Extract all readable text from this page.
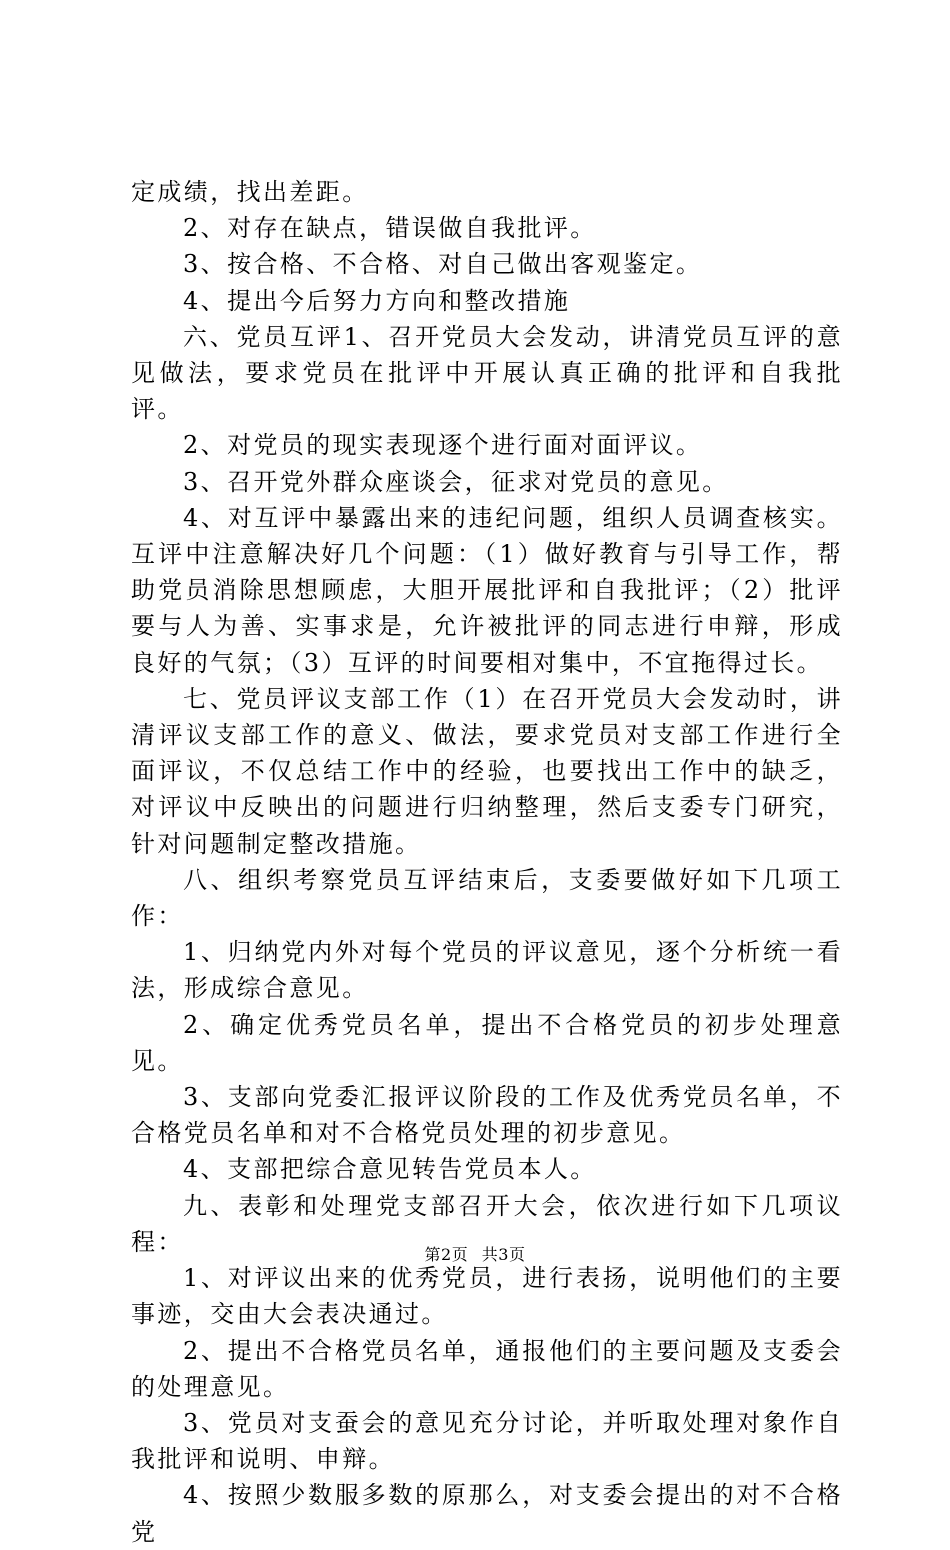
定成绩，找出差距。

2、对存在缺点，错误做自我批评。

3、按合格、不合格、对自己做出客观鉴定。

4、提出今后努力方向和整改措施

六、党员互评1、召开党员大会发动，讲清党员互评的意见做法，要求党员在批评中开展认真正确的批评和自我批评。

2、对党员的现实表现逐个进行面对面评议。

3、召开党外群众座谈会，征求对党员的意见。

4、对互评中暴露出来的违纪问题，组织人员调查核实。互评中注意解决好几个问题：（1）做好教育与引导工作，帮助党员消除思想顾虑，大胆开展批评和自我批评；（2）批评要与人为善、实事求是，允许被批评的同志进行申辩，形成良好的气氛；（3）互评的时间要相对集中，不宜拖得过长。

七、党员评议支部工作（1）在召开党员大会发动时，讲清评议支部工作的意义、做法，要求党员对支部工作进行全面评议，不仅总结工作中的经验，也要找出工作中的缺乏，对评议中反映出的问题进行归纳整理，然后支委专门研究，针对问题制定整改措施。

八、组织考察党员互评结束后，支委要做好如下几项工作：

1、归纳党内外对每个党员的评议意见，逐个分析统一看法，形成综合意见。

2、确定优秀党员名单，提出不合格党员的初步处理意见。

3、支部向党委汇报评议阶段的工作及优秀党员名单，不合格党员名单和对不合格党员处理的初步意见。

4、支部把综合意见转告党员本人。

九、表彰和处理党支部召开大会，依次进行如下几项议程：

1、对评议出来的优秀党员，进行表扬，说明他们的主要事迹，交由大会表决通过。

2、提出不合格党员名单，通报他们的主要问题及支委会的处理意见。

3、党员对支蚕会的意见充分讨论，并听取处理对象作自我批评和说明、申辩。

4、按照少数服多数的原那么，对支委会提出的对不合格党

第2页 共3页
